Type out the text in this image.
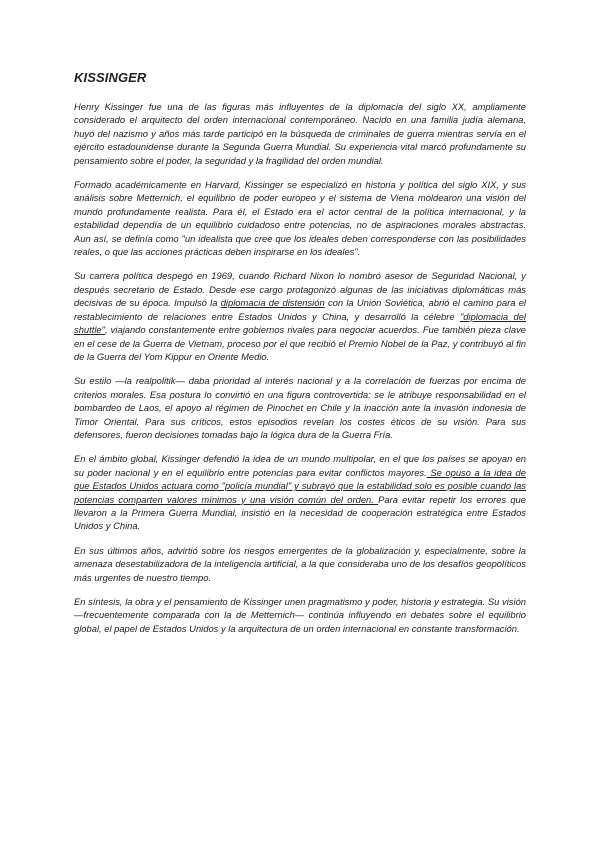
KISSINGER

Henry Kissinger fue una de las figuras más influyentes de la diplomacia del siglo XX, ampliamente considerado el arquitecto del orden internacional contemporáneo. Nacido en una familia judía alemana, huyó del nazismo y años más tarde participó en la búsqueda de criminales de guerra mientras servía en el ejército estadounidense durante la Segunda Guerra Mundial. Su experiencia vital marcó profundamente su pensamiento sobre el poder, la seguridad y la fragilidad del orden mundial.

Formado académicamente en Harvard, Kissinger se especializó en historia y política del siglo XIX, y sus análisis sobre Metternich, el equilibrio de poder europeo y el sistema de Viena moldearon una visión del mundo profundamente realista. Para él, el Estado era el actor central de la política internacional, y la estabilidad dependía de un equilibrio cuidadoso entre potencias, no de aspiraciones morales abstractas. Aun así, se definía como "un idealista que cree que los ideales deben corresponderse con las posibilidades reales, o que las acciones prácticas deben inspirarse en los ideales".

Su carrera política despegó en 1969, cuando Richard Nixon lo nombró asesor de Seguridad Nacional, y después secretario de Estado. Desde ese cargo protagonizó algunas de las iniciativas diplomáticas más decisivas de su época. Impulsó la diplomacia de distensión con la Unión Soviética, abrió el camino para el restablecimiento de relaciones entre Estados Unidos y China, y desarrolló la célebre "diplomacia del shuttle", viajando constantemente entre gobiernos rivales para negociar acuerdos. Fue también pieza clave en el cese de la Guerra de Vietnam, proceso por el que recibió el Premio Nobel de la Paz, y contribuyó al fin de la Guerra del Yom Kippur en Oriente Medio.

Su estilo —la realpolitik— daba prioridad al interés nacional y a la correlación de fuerzas por encima de criterios morales. Esa postura lo convirtió en una figura controvertida: se le atribuye responsabilidad en el bombardeo de Laos, el apoyo al régimen de Pinochet en Chile y la inacción ante la invasión indonesia de Timor Oriental. Para sus críticos, estos episodios revelan los costes éticos de su visión. Para sus defensores, fueron decisiones tomadas bajo la lógica dura de la Guerra Fría.

En el ámbito global, Kissinger defendió la idea de un mundo multipolar, en el que los países se apoyan en su poder nacional y en el equilibrio entre potencias para evitar conflictos mayores. Se opuso a la idea de que Estados Unidos actuara como "policía mundial" y subrayó que la estabilidad solo es posible cuando las potencias comparten valores mínimos y una visión común del orden. Para evitar repetir los errores que llevaron a la Primera Guerra Mundial, insistió en la necesidad de cooperación estratégica entre Estados Unidos y China.

En sus últimos años, advirtió sobre los riesgos emergentes de la globalización y, especialmente, sobre la amenaza desestabilizadora de la inteligencia artificial, a la que consideraba uno de los desafíos geopolíticos más urgentes de nuestro tiempo.

En síntesis, la obra y el pensamiento de Kissinger unen pragmatismo y poder, historia y estrategia. Su visión —frecuentemente comparada con la de Metternich— continúa influyendo en debates sobre el equilibrio global, el papel de Estados Unidos y la arquitectura de un orden internacional en constante transformación.
